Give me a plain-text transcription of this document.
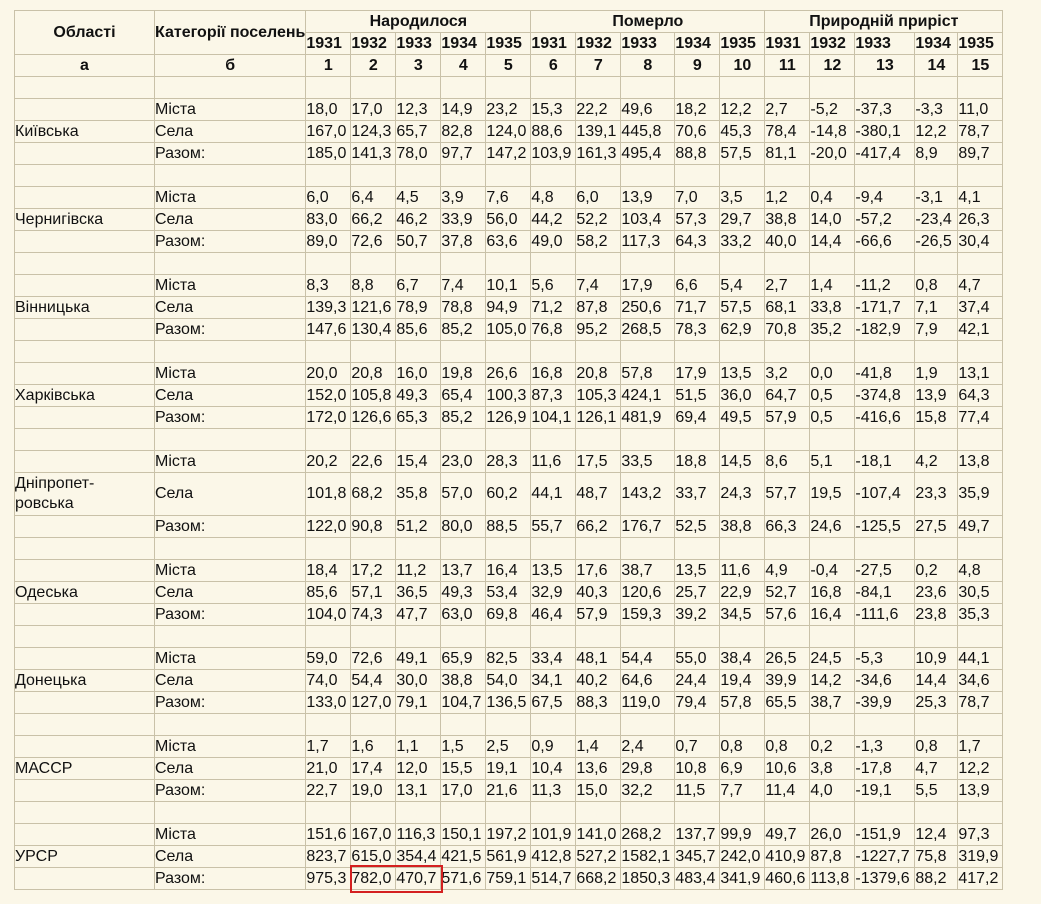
Області	Категорії поселень	Народилося					Померло					Природній приріст				
		1931	1932	1933	1934	1935	1931	1932	1933	1934	1935	1931	1932	1933	1934	1935
а	б	1	2	3	4	5	6	7	8	9	10	11	12	13	14	15

	Міста	18,0	17,0	12,3	14,9	23,2	15,3	22,2	49,6	18,2	12,2	2,7	-5,2	-37,3	-3,3	11,0
Київська	Села	167,0	124,3	65,7	82,8	124,0	88,6	139,1	445,8	70,6	45,3	78,4	-14,8	-380,1	12,2	78,7
	Разом:	185,0	141,3	78,0	97,7	147,2	103,9	161,3	495,4	88,8	57,5	81,1	-20,0	-417,4	8,9	89,7

	Міста	6,0	6,4	4,5	3,9	7,6	4,8	6,0	13,9	7,0	3,5	1,2	0,4	-9,4	-3,1	4,1
Чернигівска	Села	83,0	66,2	46,2	33,9	56,0	44,2	52,2	103,4	57,3	29,7	38,8	14,0	-57,2	-23,4	26,3
	Разом:	89,0	72,6	50,7	37,8	63,6	49,0	58,2	117,3	64,3	33,2	40,0	14,4	-66,6	-26,5	30,4

	Міста	8,3	8,8	6,7	7,4	10,1	5,6	7,4	17,9	6,6	5,4	2,7	1,4	-11,2	0,8	4,7
Вінницька	Села	139,3	121,6	78,9	78,8	94,9	71,2	87,8	250,6	71,7	57,5	68,1	33,8	-171,7	7,1	37,4
	Разом:	147,6	130,4	85,6	85,2	105,0	76,8	95,2	268,5	78,3	62,9	70,8	35,2	-182,9	7,9	42,1

	Міста	20,0	20,8	16,0	19,8	26,6	16,8	20,8	57,8	17,9	13,5	3,2	0,0	-41,8	1,9	13,1
Харківська	Села	152,0	105,8	49,3	65,4	100,3	87,3	105,3	424,1	51,5	36,0	64,7	0,5	-374,8	13,9	64,3
	Разом:	172,0	126,6	65,3	85,2	126,9	104,1	126,1	481,9	69,4	49,5	57,9	0,5	-416,6	15,8	77,4

	Міста	20,2	22,6	15,4	23,0	28,3	11,6	17,5	33,5	18,8	14,5	8,6	5,1	-18,1	4,2	13,8
Дніпропет-
ровська	Села	101,8	68,2	35,8	57,0	60,2	44,1	48,7	143,2	33,7	24,3	57,7	19,5	-107,4	23,3	35,9
	Разом:	122,0	90,8	51,2	80,0	88,5	55,7	66,2	176,7	52,5	38,8	66,3	24,6	-125,5	27,5	49,7

	Міста	18,4	17,2	11,2	13,7	16,4	13,5	17,6	38,7	13,5	11,6	4,9	-0,4	-27,5	0,2	4,8
Одеська	Села	85,6	57,1	36,5	49,3	53,4	32,9	40,3	120,6	25,7	22,9	52,7	16,8	-84,1	23,6	30,5
	Разом:	104,0	74,3	47,7	63,0	69,8	46,4	57,9	159,3	39,2	34,5	57,6	16,4	-111,6	23,8	35,3

	Міста	59,0	72,6	49,1	65,9	82,5	33,4	48,1	54,4	55,0	38,4	26,5	24,5	-5,3	10,9	44,1
Донецька	Села	74,0	54,4	30,0	38,8	54,0	34,1	40,2	64,6	24,4	19,4	39,9	14,2	-34,6	14,4	34,6
	Разом:	133,0	127,0	79,1	104,7	136,5	67,5	88,3	119,0	79,4	57,8	65,5	38,7	-39,9	25,3	78,7

	Міста	1,7	1,6	1,1	1,5	2,5	0,9	1,4	2,4	0,7	0,8	0,8	0,2	-1,3	0,8	1,7
МАССР	Села	21,0	17,4	12,0	15,5	19,1	10,4	13,6	29,8	10,8	6,9	10,6	3,8	-17,8	4,7	12,2
	Разом:	22,7	19,0	13,1	17,0	21,6	11,3	15,0	32,2	11,5	7,7	11,4	4,0	-19,1	5,5	13,9

	Міста	151,6	167,0	116,3	150,1	197,2	101,9	141,0	268,2	137,7	99,9	49,7	26,0	-151,9	12,4	97,3
УРСР	Села	823,7	615,0	354,4	421,5	561,9	412,8	527,2	1582,1	345,7	242,0	410,9	87,8	-1227,7	75,8	319,9
	Разом:	975,3	782,0	470,7	571,6	759,1	514,7	668,2	1850,3	483,4	341,9	460,6	113,8	-1379,6	88,2	417,2
